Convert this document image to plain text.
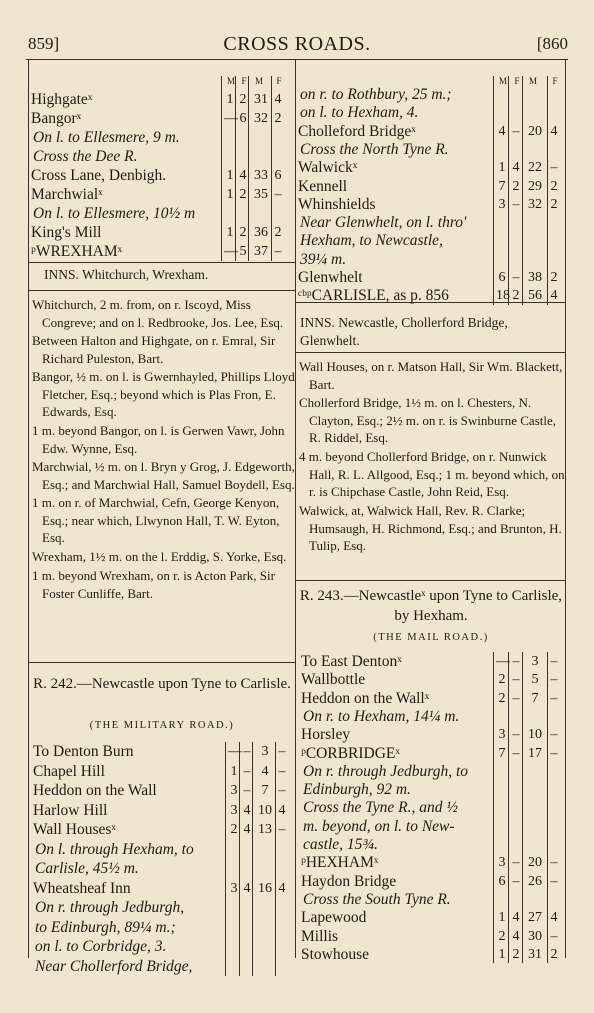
859]	CROSS ROADS.	[860
INNS. Whitchurch, Wrexham.
R. 242.—Newcastle upon Tyne to Carlisle.
(THE MILITARY ROAD.)
INNS. Newcastle, Chollerford Bridge, Glenwhelt.
R. 243.—Newcastleˣ upon Tyne to Carlisle, by Hexham.
(THE MAIL ROAD.)
M F M	F
Highgateˣ	1 2 31 4
Bangorˣ	— 6 32 2
On l. to Ellesmere, 9 m.
Cross the Dee R.
Cross Lane, Denbigh.	1 4 33 6
Marchwialˣ	1 2 35 –
On l. to Ellesmere, 10½ m
King's Mill	1 2 36 2
ᵖWREXHAMˣ	— 5 37 –
To Denton Burn	— – 3 –
Chapel Hill	1 – 4 –
Heddon on the Wall	3 – 7 –
Harlow Hill	3 4 10 4
Wall Housesˣ	2 4 13 –
On l. through Hexham, to
Carlisle, 45½ m.
Wheatsheaf Inn	3 4 16 4
On r. through Jedburgh,
to Edinburgh, 89¼ m.;
on l. to Corbridge, 3.
Near Chollerford Bridge,
M F	M	F
on r. to Rothbury, 25 m.;
on l. to Hexham, 4.
Cholleford Bridgeˣ	4 – 20 4
Cross the North Tyne R.
Walwickˣ	1 4 22 –
Kennell	7 2 29 2
Whinshields	3 – 32 2
Near Glenwhelt, on l. thro'
Hexham, to Newcastle,
39¼ m.
Glenwhelt	6 – 38 2
ᶜᵇᵖCARLISLE, as p. 856	18 2 56 4
To East Dentonˣ	— – 3 –
Wallbottle	2 – 5 –
Heddon on the Wallˣ	2 – 7 –
On r. to Hexham, 14¼ m.
Horsley	3 – 10 –
ᵖCORBRIDGEˣ	7 – 17 –
On r. through Jedburgh, to
Edinburgh, 92 m.
Cross the Tyne R., and ½
m. beyond, on l. to New-
castle, 15¾.
ᵖHEXHAMˣ	3 – 20 –
Haydon Bridge	6 – 26 –
Cross the South Tyne R.
Lapewood	1 4 27 4
Millis	2 4 30 –
Stowhouse	1 2 31 2
Whitchurch, 2 m. from, on r. Iscoyd, Miss Congreve; and on l. Redbrooke, Jos. Lee, Esq.
Between Halton and Highgate, on r. Emral, Sir Richard Puleston, Bart.
Bangor, ½ m. on l. is Gwernhayled, Phillips Lloyd Fletcher, Esq.; beyond which is Plas Fron, E. Edwards, Esq.
1 m. beyond Bangor, on l. is Gerwen Vawr, John Edw. Wynne, Esq.
Marchwial, ½ m. on l. Bryn y Grog, J. Edgeworth, Esq.; and Marchwial Hall, Samuel Boydell, Esq.
1 m. on r. of Marchwial, Cefn, George Kenyon, Esq.; near which, Llwynon Hall, T. W. Eyton, Esq.
Wrexham, 1½ m. on the l. Erddig, S. Yorke, Esq.
1 m. beyond Wrexham, on r. is Acton Park, Sir Foster Cunliffe, Bart.
Wall Houses, on r. Matson Hall, Sir Wm. Blackett, Bart.
Chollerford Bridge, 1½ m. on l. Chesters, N. Clayton, Esq.; 2½ m. on r. is Swinburne Castle, R. Riddel, Esq.
4 m. beyond Chollerford Bridge, on r. Nunwick Hall, R. L. Allgood, Esq.; 1 m. beyond which, on r. is Chipchase Castle, John Reid, Esq.
Walwick, at, Walwick Hall, Rev. R. Clarke; Humsaugh, H. Richmond, Esq.; and Brunton, H. Tulip, Esq.
